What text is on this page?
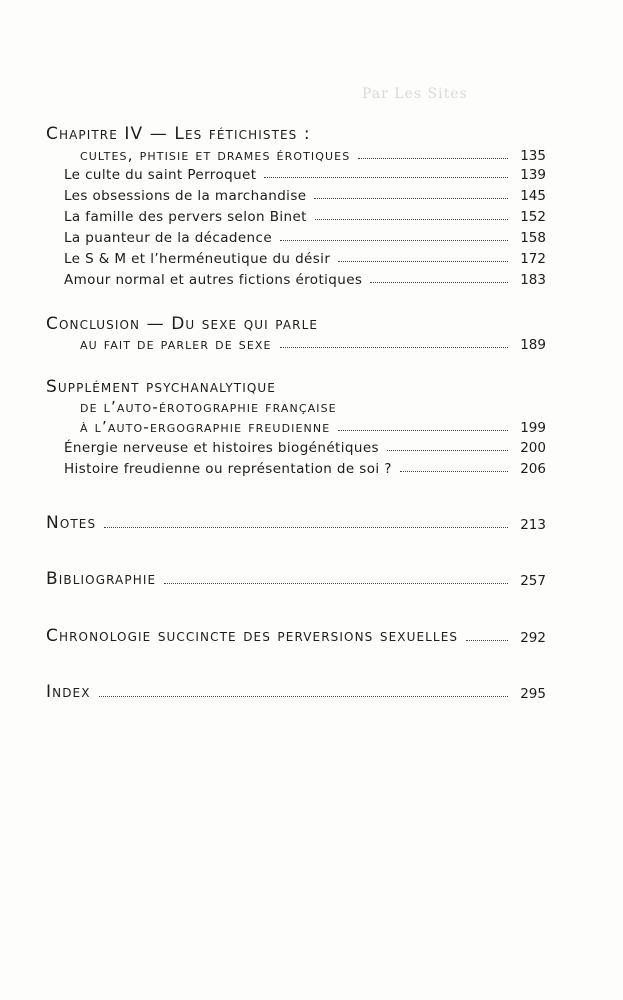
Par Les Sites
Chapitre IV — Les fétichistes :
cultes, phtisie et drames érotiques	135
Le culte du saint Perroquet	139
Les obsessions de la marchandise	145
La famille des pervers selon Binet	152
La puanteur de la décadence	158
Le S & M et l’herméneutique du désir	172
Amour normal et autres fictions érotiques	183
Conclusion — Du sexe qui parle
au fait de parler de sexe	189
Supplément psychanalytique
de l’auto-érotographie française
à l’auto-ergographie freudienne	199
Énergie nerveuse et histoires biogénétiques	200
Histoire freudienne ou représentation de soi ?	206
Notes	213
Bibliographie	257
Chronologie succincte des perversions sexuelles	292
Index	295
